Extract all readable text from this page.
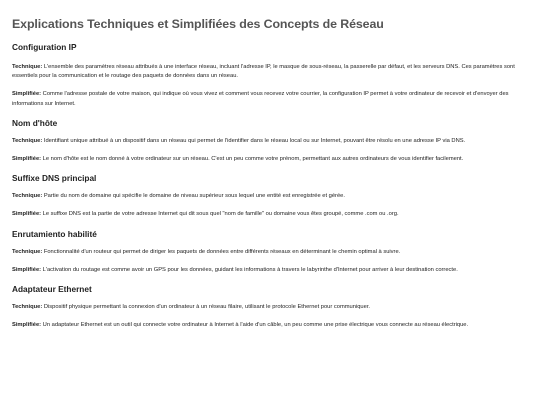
Explications Techniques et Simplifiées des Concepts de Réseau
Configuration IP

Technique: L'ensemble des paramètres réseau attribués à une interface réseau, incluant l'adresse IP, le masque de sous-réseau, la passerelle par défaut, et les serveurs DNS. Ces paramètres sont essentiels pour la communication et le routage des paquets de données dans un réseau.

Simplifiée: Comme l'adresse postale de votre maison, qui indique où vous vivez et comment vous recevez votre courrier, la configuration IP permet à votre ordinateur de recevoir et d'envoyer des informations sur Internet.

Nom d'hôte

Technique: Identifiant unique attribué à un dispositif dans un réseau qui permet de l'identifier dans le réseau local ou sur Internet, pouvant être résolu en une adresse IP via DNS.

Simplifiée: Le nom d'hôte est le nom donné à votre ordinateur sur un réseau. C'est un peu comme votre prénom, permettant aux autres ordinateurs de vous identifier facilement.

Suffixe DNS principal

Technique: Partie du nom de domaine qui spécifie le domaine de niveau supérieur sous lequel une entité est enregistrée et gérée.

Simplifiée: Le suffixe DNS est la partie de votre adresse Internet qui dit sous quel "nom de famille" ou domaine vous êtes groupé, comme .com ou .org.

Enrutamiento habilité

Technique: Fonctionnalité d'un routeur qui permet de diriger les paquets de données entre différents réseaux en déterminant le chemin optimal à suivre.

Simplifiée: L'activation du routage est comme avoir un GPS pour les données, guidant les informations à travers le labyrinthe d'Internet pour arriver à leur destination correcte.

Adaptateur Ethernet

Technique: Dispositif physique permettant la connexion d'un ordinateur à un réseau filaire, utilisant le protocole Ethernet pour communiquer.

Simplifiée: Un adaptateur Ethernet est un outil qui connecte votre ordinateur à Internet à l'aide d'un câble, un peu comme une prise électrique vous connecte au réseau électrique.
